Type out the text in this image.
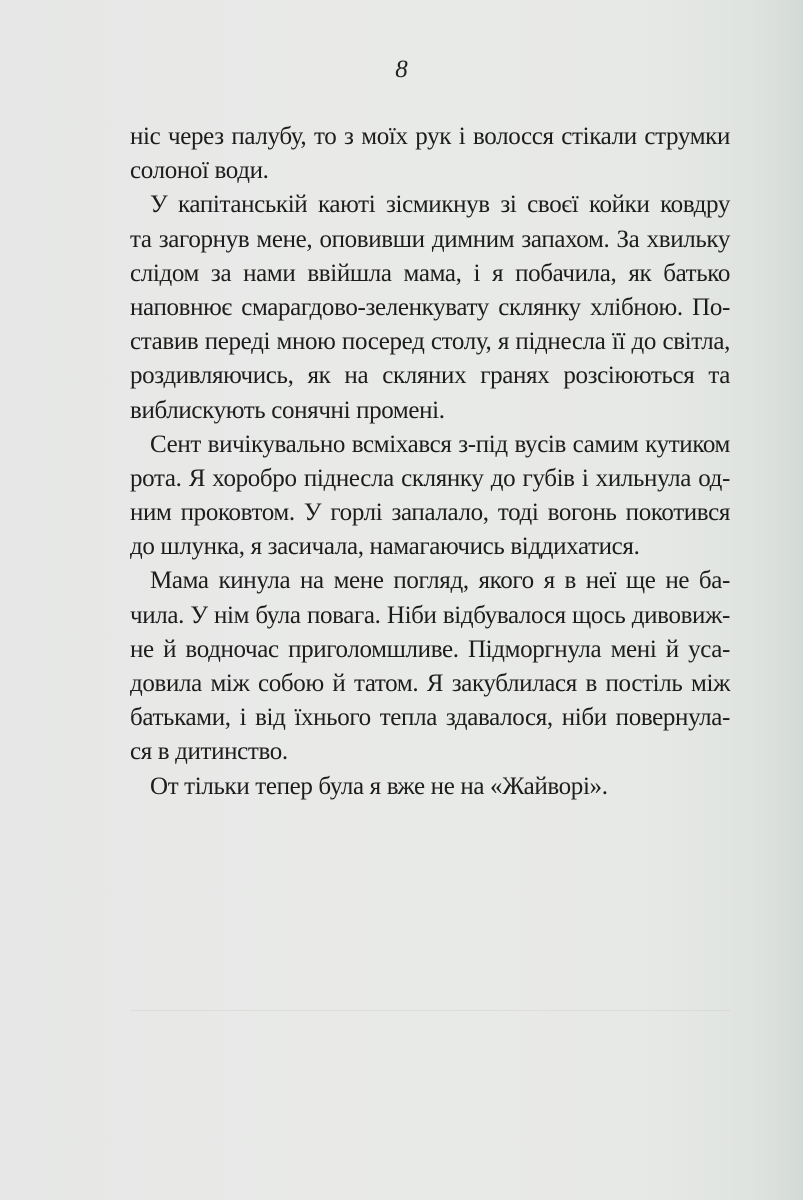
8
ніс через палубу, то з моїх рук і волосся стікали струмки
солоної води.
У капітанській каюті зісмикнув зі своєї койки ковдру
та загорнув мене, оповивши димним запахом. За хвильку
слідом за нами ввійшла мама, і я побачила, як батько
наповнює смарагдово-зеленкувату склянку хлібною. По-
ставив переді мною посеред столу, я піднесла її до світла,
роздивляючись, як на скляних гранях розсіюються та
виблискують сонячні промені.
Сент вичікувально всміхався з-під вусів самим кутиком
рота. Я хоробро піднесла склянку до губів і хильнула од-
ним проковтом. У горлі запалало, тоді вогонь покотився
до шлунка, я засичала, намагаючись віддихатися.
Мама кинула на мене погляд, якого я в неї ще не ба-
чила. У нім була повага. Ніби відбувалося щось дивовиж-
не й водночас приголомшливе. Підморгнула мені й уса-
довила між собою й татом. Я закублилася в постіль між
батьками, і від їхнього тепла здавалося, ніби повернула-
ся в дитинство.
От тільки тепер була я вже не на «Жайворі».
